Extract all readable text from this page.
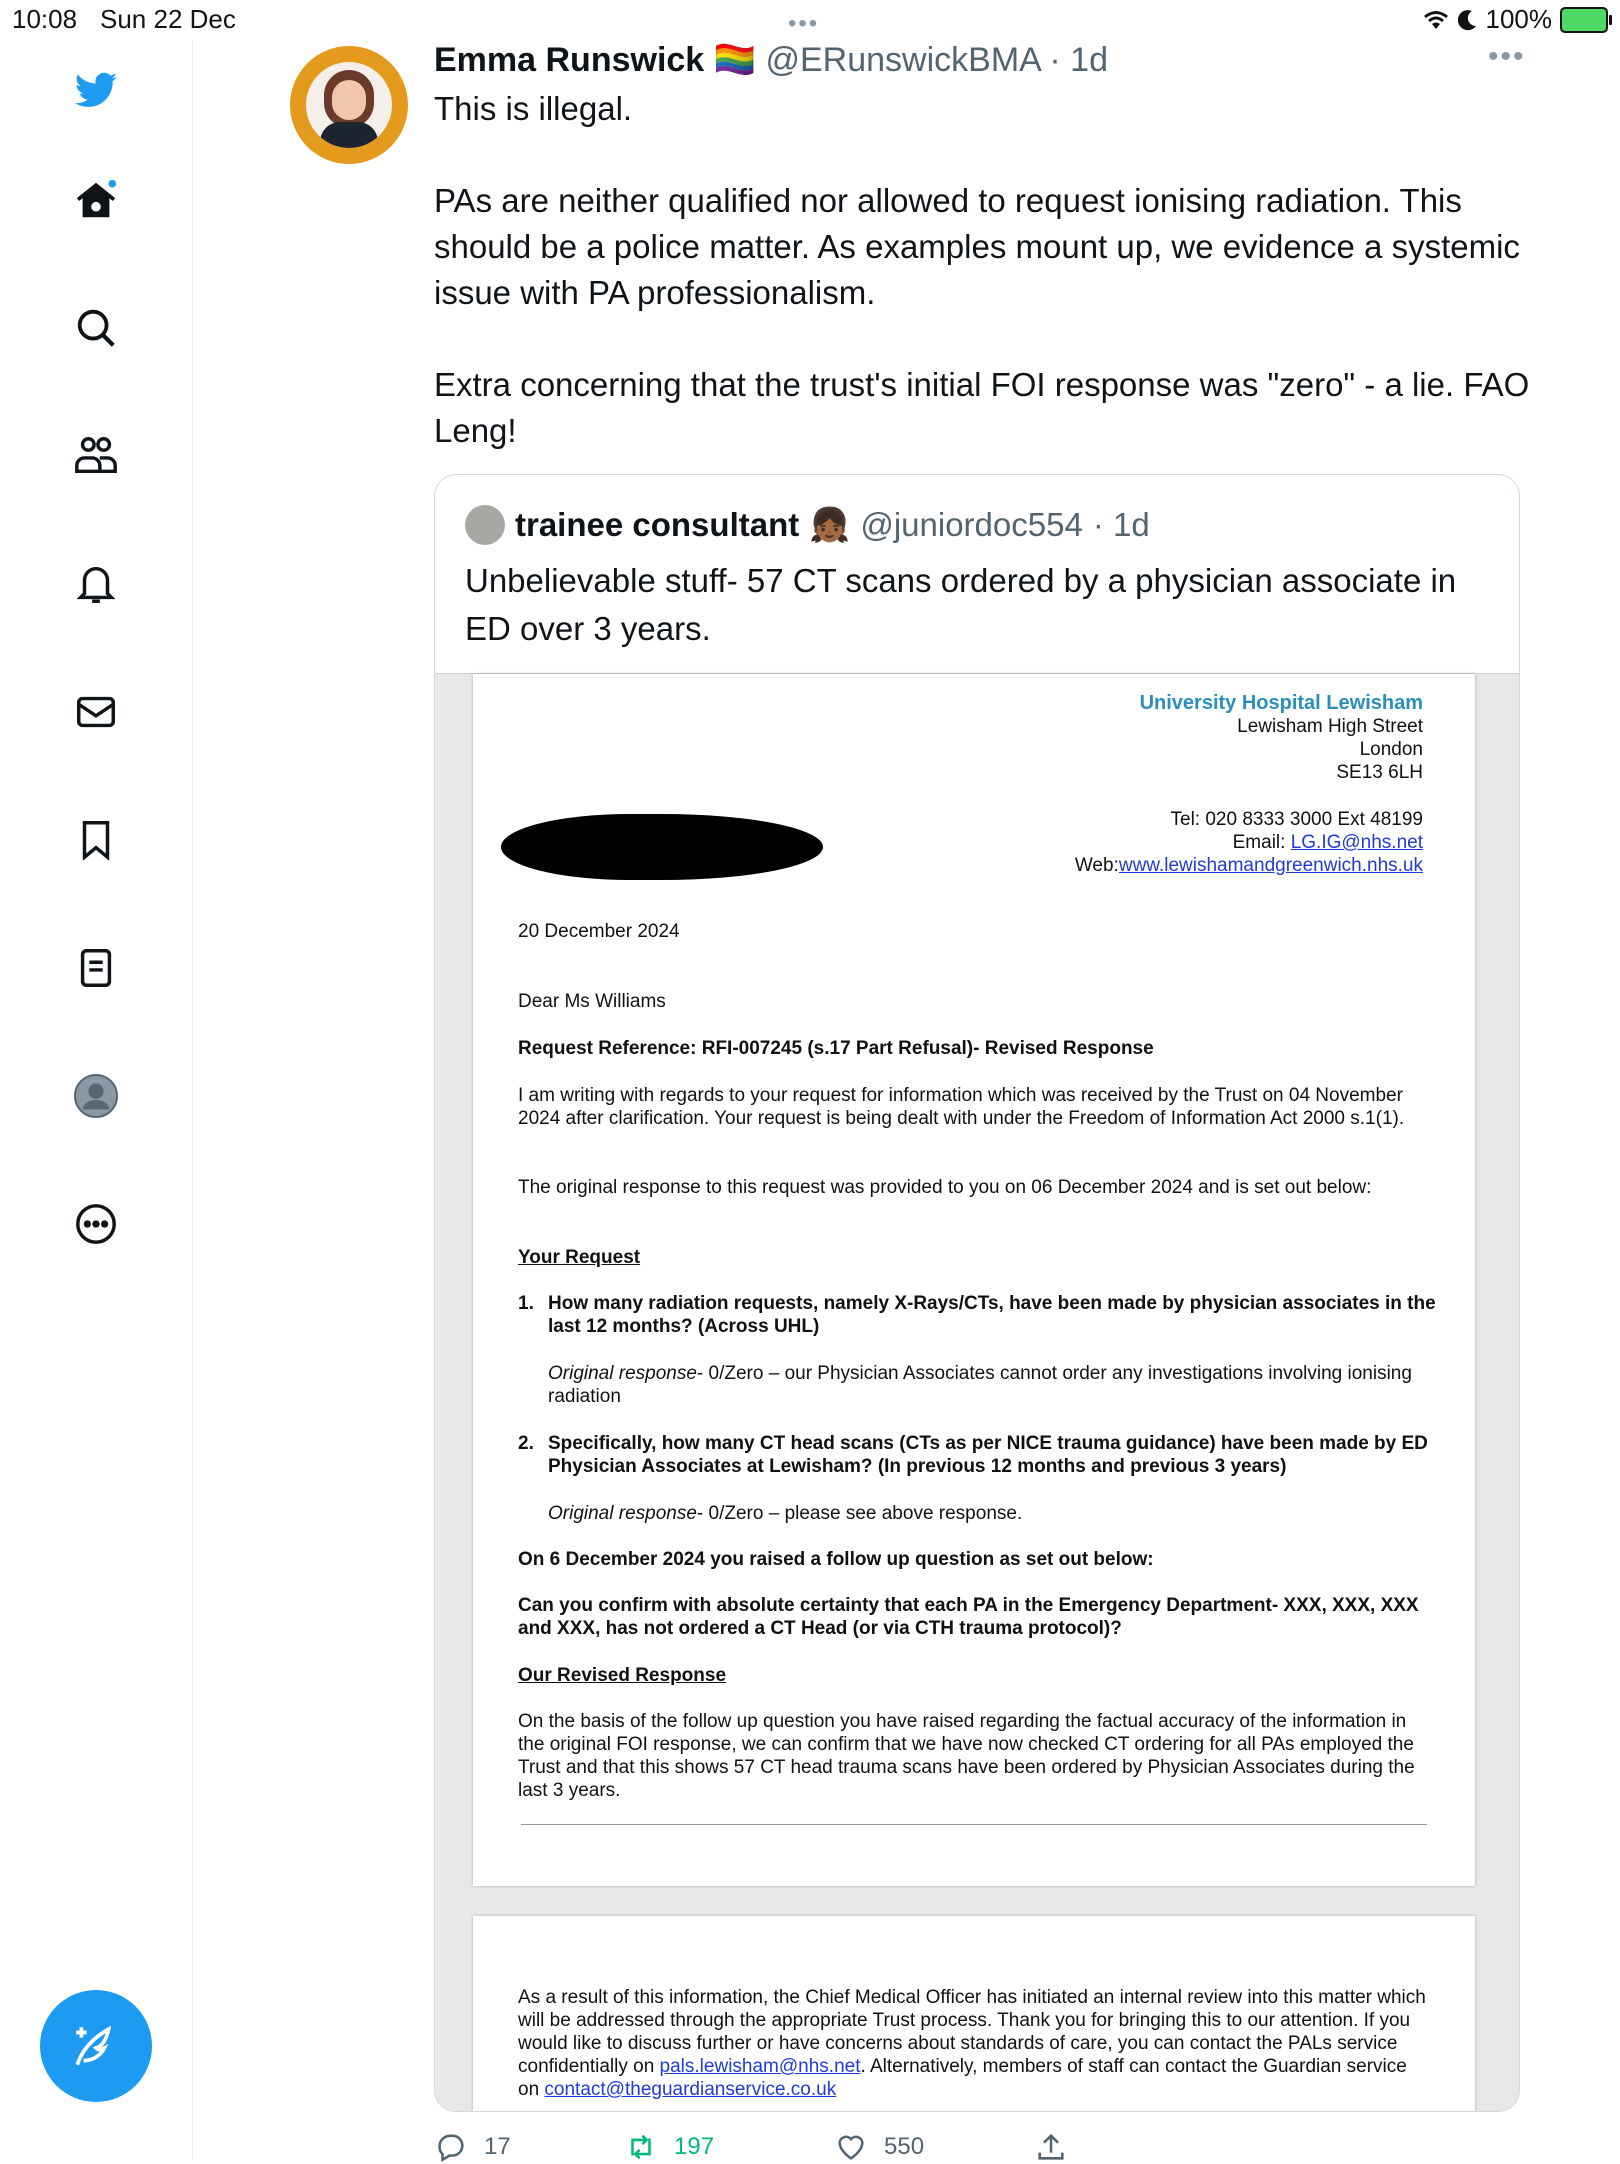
10:08 Sun 22 Dec	•••	100%
Emma Runswick 🏳️‍🌈 @ERunswickBMA · 1d	•••

This is illegal.

PAs are neither qualified nor allowed to request ionising radiation. This should be a police matter. As examples mount up, we evidence a systemic issue with PA professionalism.

Extra concerning that the trust's initial FOI response was "zero" - a lie. FAO Leng!

trainee consultant 👧🏾 @juniordoc554 · 1d
Unbelievable stuff- 57 CT scans ordered by a physician associate in ED over 3 years.
University Hospital Lewisham
Lewisham High Street
London
SE13 6LH
Tel: 020 8333 3000 Ext 48199
Email: LG.IG@nhs.net
Web:www.lewishamandgreenwich.nhs.uk
20 December 2024
Dear Ms Williams
Request Reference: RFI-007245 (s.17 Part Refusal)- Revised Response
I am writing with regards to your request for information which was received by the Trust on 04 November 2024 after clarification. Your request is being dealt with under the Freedom of Information Act 2000 s.1(1).
The original response to this request was provided to you on 06 December 2024 and is set out below:
Your Request
1. How many radiation requests, namely X-Rays/CTs, have been made by physician associates in the last 12 months? (Across UHL)
Original response- 0/Zero – our Physician Associates cannot order any investigations involving ionising radiation
2. Specifically, how many CT head scans (CTs as per NICE trauma guidance) have been made by ED Physician Associates at Lewisham? (In previous 12 months and previous 3 years)
Original response- 0/Zero – please see above response.
On 6 December 2024 you raised a follow up question as set out below:
Can you confirm with absolute certainty that each PA in the Emergency Department- XXX, XXX, XXX and XXX, has not ordered a CT Head (or via CTH trauma protocol)?
Our Revised Response
On the basis of the follow up question you have raised regarding the factual accuracy of the information in the original FOI response, we can confirm that we have now checked CT ordering for all PAs employed the Trust and that this shows 57 CT head trauma scans have been ordered by Physician Associates during the last 3 years.
As a result of this information, the Chief Medical Officer has initiated an internal review into this matter which will be addressed through the appropriate Trust process. Thank you for bringing this to our attention. If you would like to discuss further or have concerns about standards of care, you can contact the PALs service confidentially on pals.lewisham@nhs.net. Alternatively, members of staff can contact the Guardian service on contact@theguardianservice.co.uk
17	197	550
